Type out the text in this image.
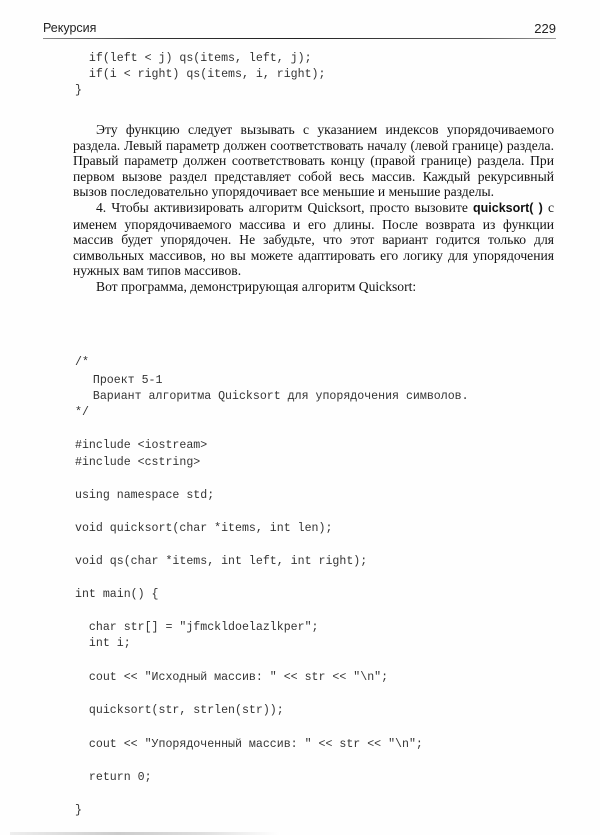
Рекурсия	229
if(left < j) qs(items, left, j);
if(i < right) qs(items, i, right);
}

Эту функцию следует вызывать с указанием индексов упорядочиваемого раздела. Левый параметр должен соответствовать началу (левой границе) раздела. Правый параметр должен соответствовать концу (правой границе) раздела. При первом вызове раздел представляет собой весь массив. Каждый рекурсивный вызов последовательно упорядочивает все меньшие и меньшие разделы.

4. Чтобы активизировать алгоритм Quicksort, просто вызовите quicksort( ) с именем упорядочиваемого массива и его длины. После возврата из функции массив будет упорядочен. Не забудьте, что этот вариант годится только для символьных массивов, но вы можете адаптировать его логику для упорядочения нужных вам типов массивов.

Вот программа, демонстрирующая алгоритм Quicksort:

/*
Проект 5-1
Вариант алгоритма Quicksort для упорядочения символов.
*/
#include <iostream>
#include <cstring>
using namespace std;
void quicksort(char *items, int len);
void qs(char *items, int left, int right);
int main() {
char str[] = "jfmckldoelazlkper";
int i;
cout << "Исходный массив: " << str << "\n";
quicksort(str, strlen(str));
cout << "Упорядоченный массив: " << str << "\n";
return 0;
}
